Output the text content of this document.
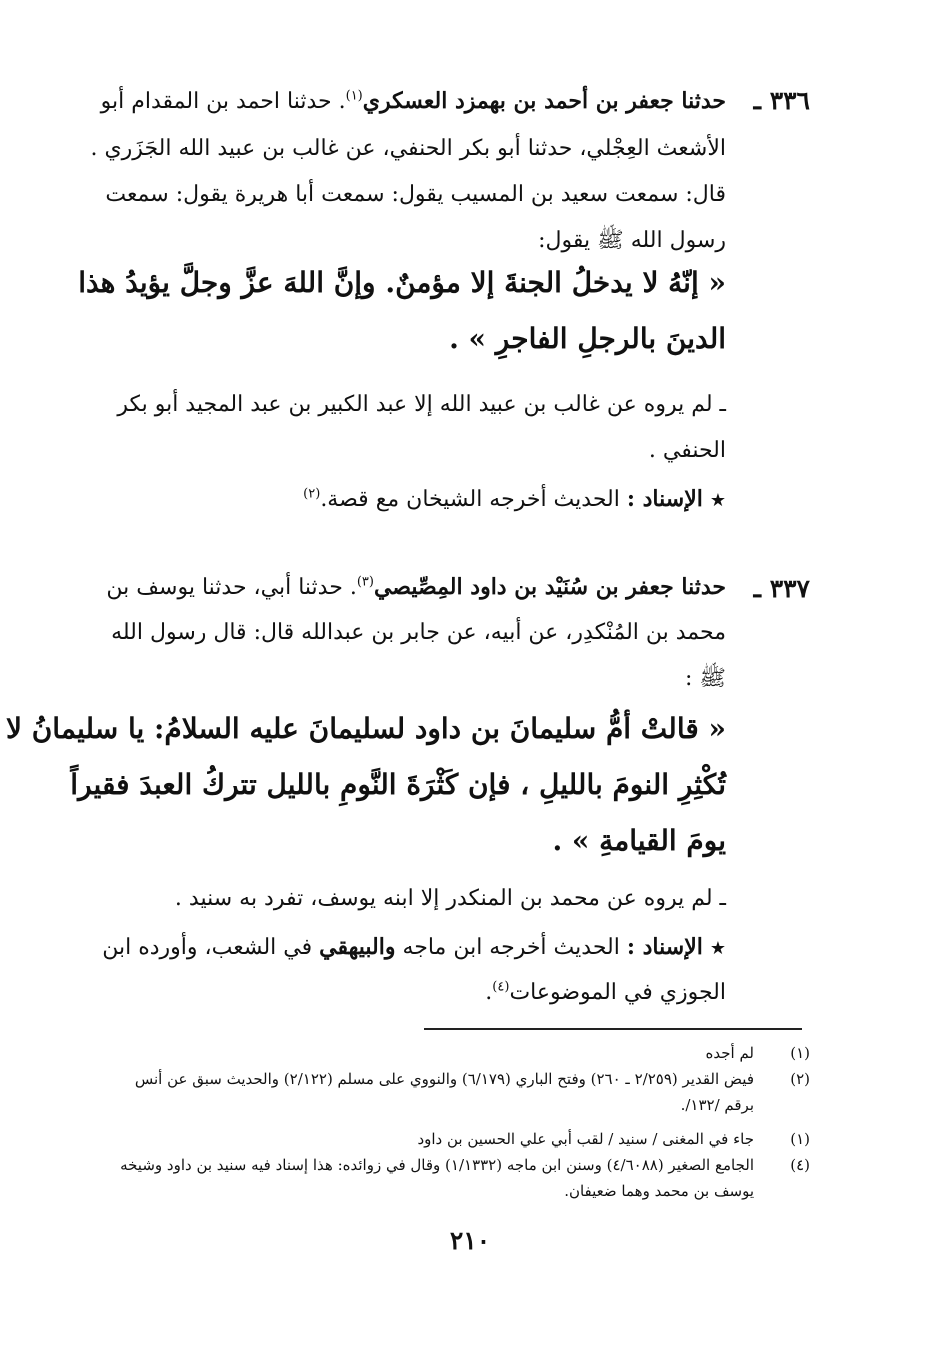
٣٣٦ ـ
حدثنا جعفر بن أحمد بن بهمزد العسكري$^{(١)}$. حدثنا احمد بن المقدام أبو
الأشعث العِجْلي، حدثنا أبو بكر الحنفي، عن غالب بن عبيد الله الجَزَري .
قال: سمعت سعيد بن المسيب يقول: سمعت أبا هريرة يقول: سمعت
رسول الله ﷺ يقول:
« إنّهُ لا يدخلُ الجنةَ إلا مؤمنٌ. وإنَّ اللهَ عزَّ وجلَّ يؤيدُ هذا
الدينَ بالرجلِ الفاجرِ » .
ـ لم يروه عن غالب بن عبيد الله إلا عبد الكبير بن عبد المجيد أبو بكر
الحنفي .
★ الإسناد : الحديث أخرجه الشيخان مع قصة.$^{(٢)}$
٣٣٧ ـ
حدثنا جعفر بن سُنَيْد بن داود المِصِّيصي$^{(٣)}$. حدثنا أبي، حدثنا يوسف بن
محمد بن المُنْكدِر، عن أبيه، عن جابر بن عبدالله قال: قال رسول الله
ﷺ :
« قالتْ أمُّ سليمانَ بن داود لسليمانَ عليه السلامُ: يا سليمانُ لا
تُكْثِرِ النومَ بالليلِ ، فإن كَثْرَةَ النَّومِ بالليل تتركُ العبدَ فقيراً
يومَ القيامةِ » .
ـ لم يروه عن محمد بن المنكدر إلا ابنه يوسف، تفرد به سنيد .
★ الإسناد : الحديث أخرجه ابن ماجه والبيهقي في الشعب، وأورده ابن
الجوزي في الموضوعات$^{(٤)}$.
(١)
لم أجده
(٢)
فيض القدير (٢/٢٥٩ ـ ٢٦٠) وفتح الباري (٦/١٧٩) والنووي على مسلم (٢/١٢٢) والحديث سبق عن أنس
برقم /١٣٢/.
(١)
جاء في المغنى / سنيد / لقب أبي علي الحسين بن داود
(٤)
الجامع الصغير (٤/٦٠٨٨) وسنن ابن ماجه (١/١٣٣٢) وقال في زوائده: هذا إسناد فيه سنيد بن داود وشيخه
يوسف بن محمد وهما ضعيفان.
٢١٠
